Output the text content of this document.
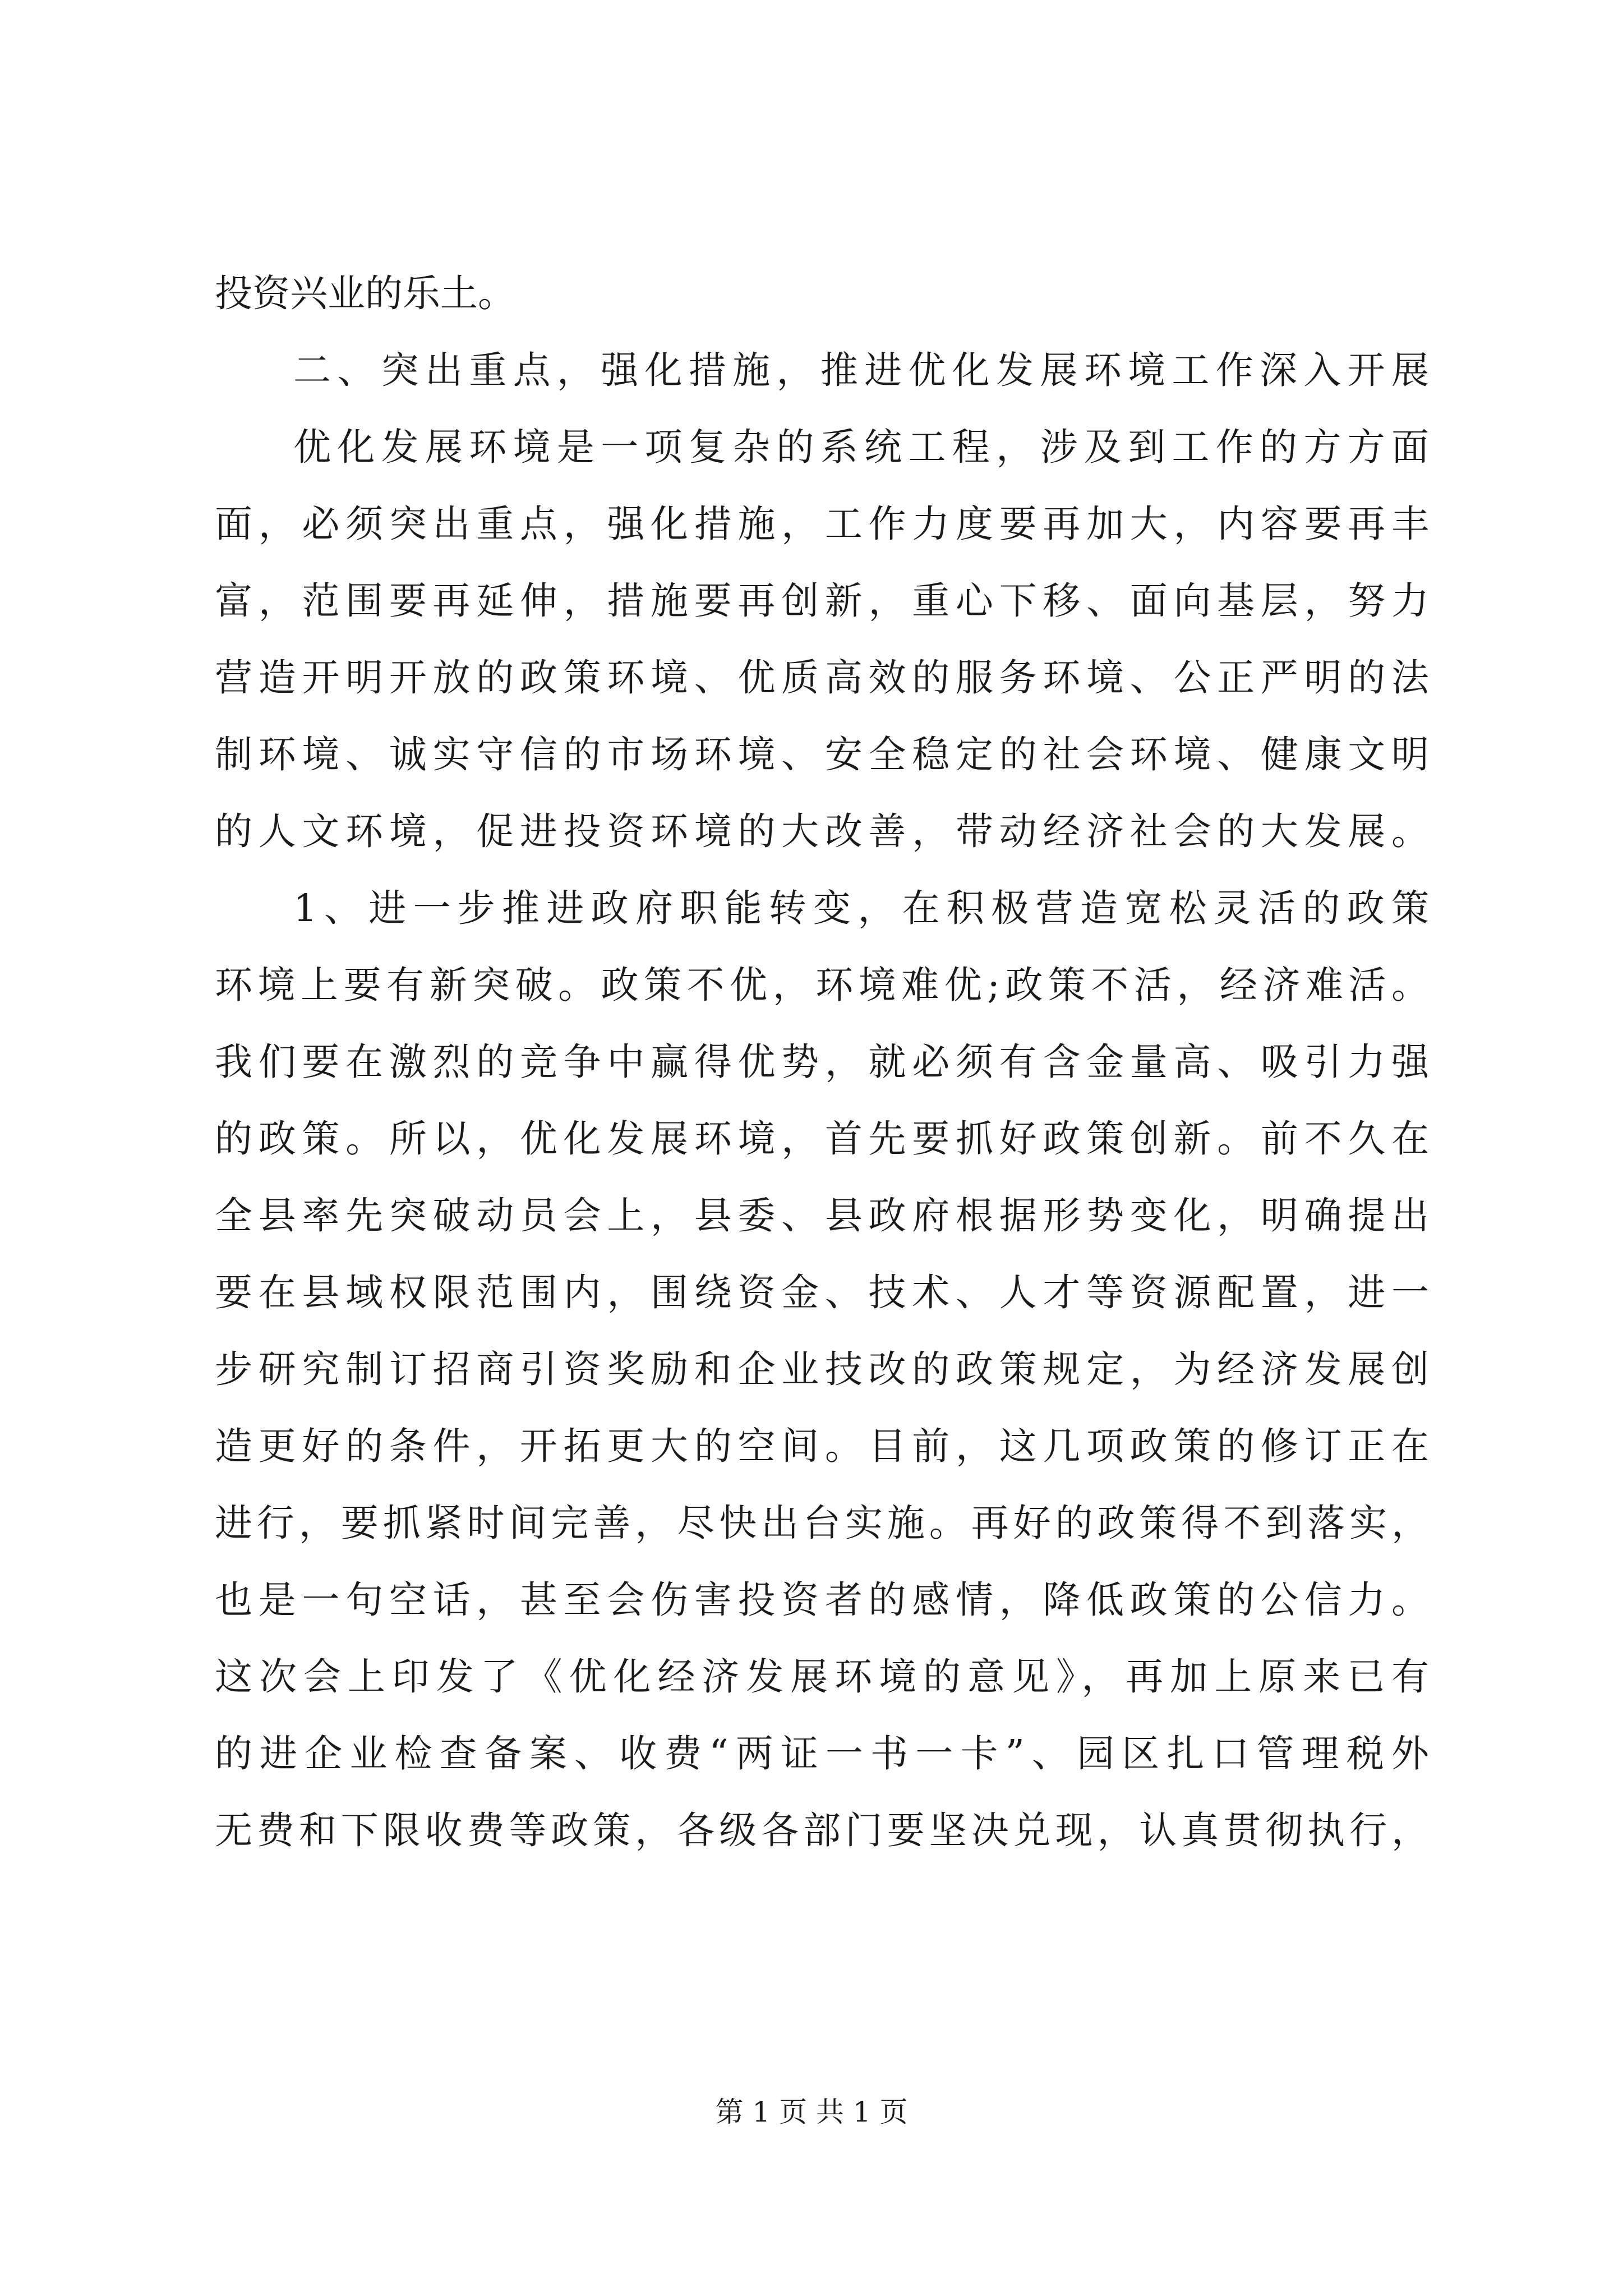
投资兴业的乐土。
二、突出重点，强化措施，推进优化发展环境工作深入开展
优化发展环境是一项复杂的系统工程，涉及到工作的方方面
面，必须突出重点，强化措施，工作力度要再加大，内容要再丰
富，范围要再延伸，措施要再创新，重心下移、面向基层，努力
营造开明开放的政策环境、优质高效的服务环境、公正严明的法
制环境、诚实守信的市场环境、安全稳定的社会环境、健康文明
的人文环境，促进投资环境的大改善，带动经济社会的大发展。
1、进一步推进政府职能转变，在积极营造宽松灵活的政策
环境上要有新突破。政策不优，环境难优;政策不活，经济难活。
我们要在激烈的竞争中赢得优势，就必须有含金量高、吸引力强
的政策。所以，优化发展环境，首先要抓好政策创新。前不久在
全县率先突破动员会上，县委、县政府根据形势变化，明确提出
要在县域权限范围内，围绕资金、技术、人才等资源配置，进一
步研究制订招商引资奖励和企业技改的政策规定，为经济发展创
造更好的条件，开拓更大的空间。目前，这几项政策的修订正在
进行，要抓紧时间完善，尽快出台实施。再好的政策得不到落实，
也是一句空话，甚至会伤害投资者的感情，降低政策的公信力。
这次会上印发了《优化经济发展环境的意见》，再加上原来已有
的进企业检查备案、收费“两证一书一卡”、园区扎口管理税外
无费和下限收费等政策，各级各部门要坚决兑现，认真贯彻执行，
第 1 页 共 1 页
